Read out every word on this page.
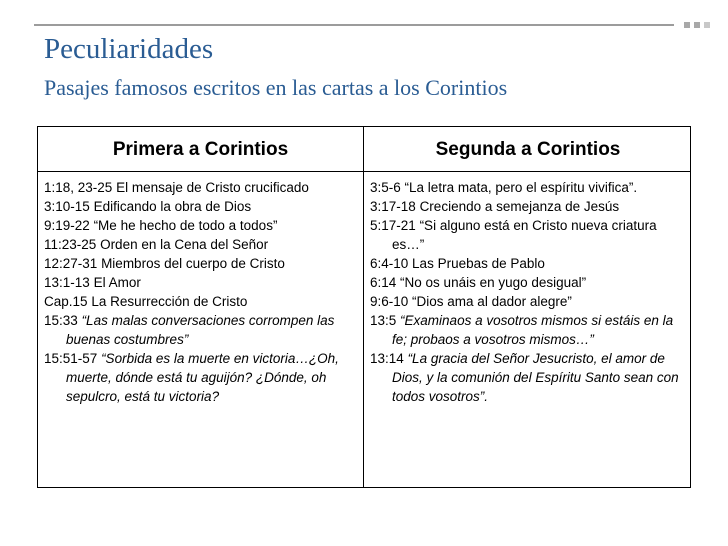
Peculiaridades
Pasajes famosos escritos en las cartas a los Corintios
Primera a Corintios	Segunda a Corintios
1:18, 23-25 El mensaje de Cristo crucificado
3:10-15 Edificando la obra de Dios
9:19-22 “Me he hecho de todo a todos”
11:23-25 Orden en la Cena del Señor
12:27-31 Miembros del cuerpo de Cristo
13:1-13 El Amor
Cap.15 La Resurrección de Cristo
15:33 “Las malas conversaciones corrompen las buenas costumbres”
15:51-57 “Sorbida es la muerte en victoria…¿Oh, muerte, dónde está tu aguijón? ¿Dónde, oh sepulcro, está tu victoria?
3:5-6 “La letra mata, pero el espíritu vivifica”.
3:17-18 Creciendo a semejanza de Jesús
5:17-21 “Si alguno está en Cristo nueva criatura es…”
6:4-10 Las Pruebas de Pablo
6:14 “No os unáis en yugo desigual”
9:6-10 “Dios ama al dador alegre”
13:5 “Examinaos a vosotros mismos si estáis en la fe; probaos a vosotros mismos…”
13:14 “La gracia del Señor Jesucristo, el amor de Dios, y la comunión del Espíritu Santo sean con todos vosotros”.
